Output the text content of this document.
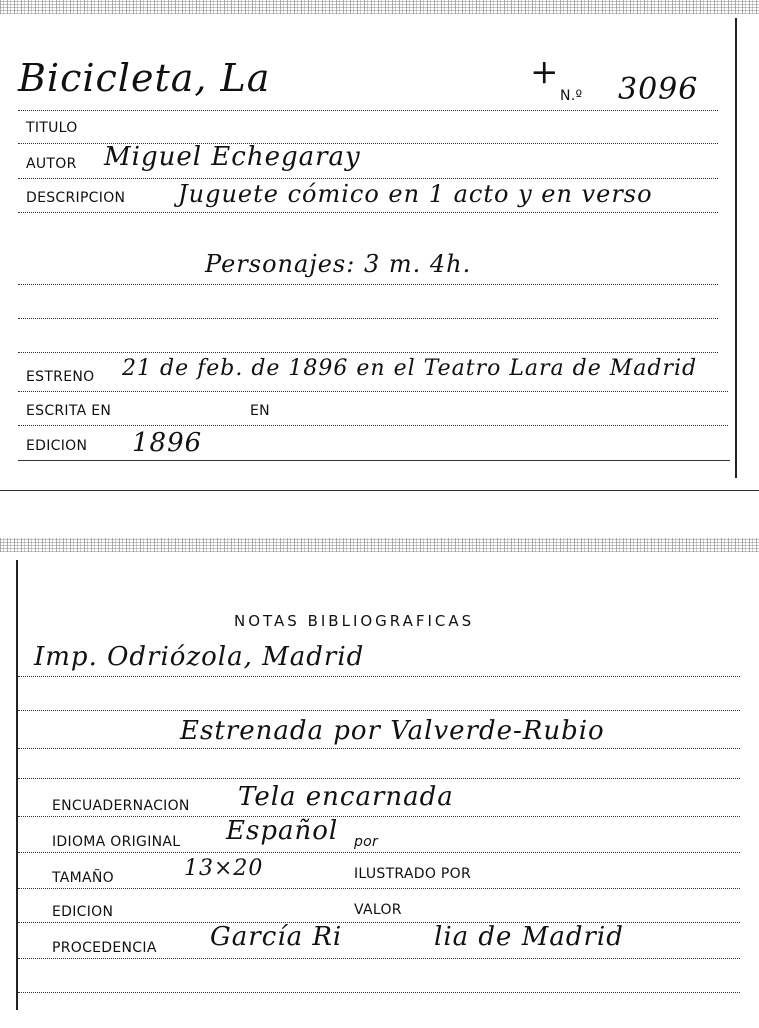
Bicicleta, La	+
N.º 3096
TITULO
AUTOR Miguel Echegaray
DESCRIPCION Juguete cómico en 1 acto y en verso
Personajes: 3 m. 4h.
ESTRENO 21 de feb. de 1896 en el Teatro Lara de Madrid
ESCRITA EN	EN
EDICION 1896
NOTAS BIBLIOGRAFICAS
Imp. Odriózola, Madrid
Estrenada por Valverde-Rubio
ENCUADERNACION Tela encarnada
IDIOMA ORIGINAL Español por
TAMAÑO	13×20	ILUSTRADO POR
EDICION	VALOR
PROCEDENCIA García Ri	lia de Madrid
